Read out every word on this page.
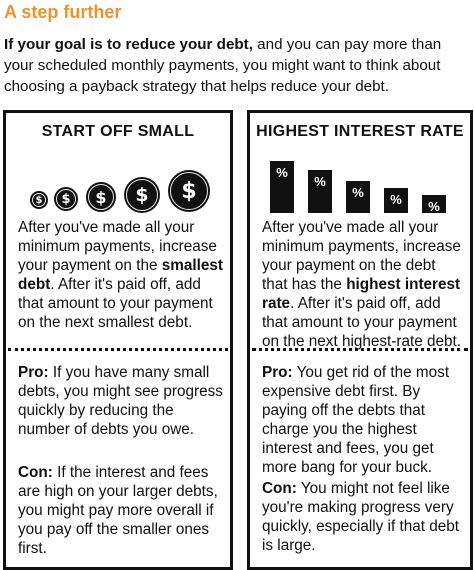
A step further
If your goal is to reduce your debt, and you can pay more than your scheduled monthly payments, you might want to think about choosing a payback strategy that helps reduce your debt.
START OFF SMALL
$ $ $ $ $
After you've made all your minimum payments, increase your payment on the smallest debt. After it's paid off, add that amount to your payment on the next smallest debt.
Pro: If you have many small debts, you might see progress quickly by reducing the number of debts you owe.
Con: If the interest and fees are high on your larger debts, you might pay more overall if you pay off the smaller ones first.
HIGHEST INTEREST RATE
%
%
%	%	%
After you've made all your minimum payments, increase your payment on the debt that has the highest interest rate. After it's paid off, add that amount to your payment on the next highest-rate debt.
Pro: You get rid of the most expensive debt first. By paying off the debts that charge you the highest interest and fees, you get more bang for your buck.
Con: You might not feel like you're making progress very quickly, especially if that debt is large.
